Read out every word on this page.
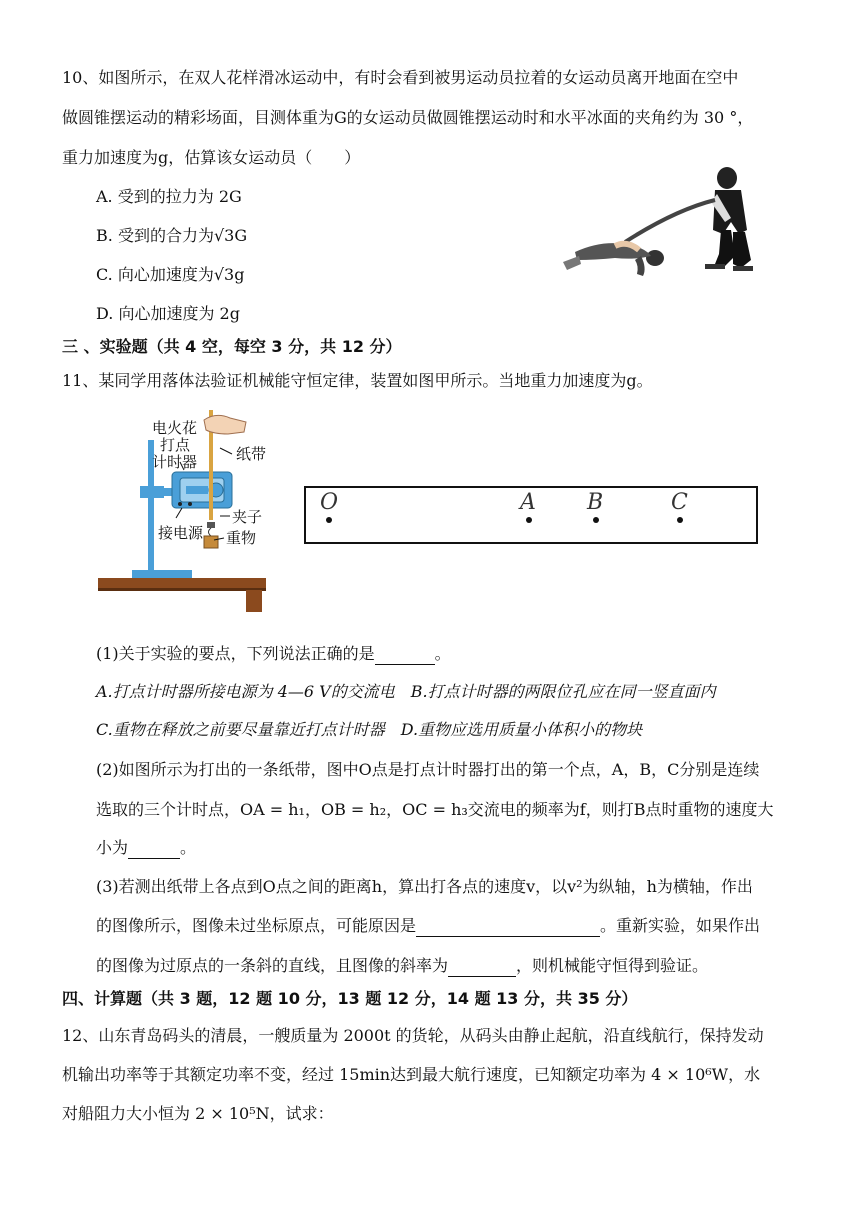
10、如图所示，在双人花样滑冰运动中，有时会看到被男运动员拉着的女运动员离开地面在空中
做圆锥摆运动的精彩场面，目测体重为G的女运动员做圆锥摆运动时和水平冰面的夹角约为 30 °，
重力加速度为g，估算该女运动员（　　）
A. 受到的拉力为 2G
B. 受到的合力为√3G
C. 向心加速度为√3g
D. 向心加速度为 2g
三 、实验题（共 4 空，每空 3 分，共 12 分）
11、某同学用落体法验证机械能守恒定律，装置如图甲所示。当地重力加速度为g。
电火花
打点
计时器	纸带
夹子
接电源 重物
O	A B	C
(1)关于实验的要点，下列说法正确的是	。
A.打点计时器所接电源为 4—6 V的交流电　B.打点计时器的两限位孔应在同一竖直面内
C.重物在释放之前要尽量靠近打点计时器　D.重物应选用质量小体积小的物块
(2)如图所示为打出的一条纸带，图中O点是打点计时器打出的第一个点，A，B，C分别是连续
选取的三个计时点，OA = h₁，OB = h₂，OC = h₃交流电的频率为f，则打B点时重物的速度大
小为	。
(3)若测出纸带上各点到O点之间的距离h，算出打各点的速度v，以v²为纵轴，h为横轴，作出
的图像所示，图像未过坐标原点，可能原因是	。重新实验，如果作出
的图像为过原点的一条斜的直线，且图像的斜率为	，则机械能守恒得到验证。
四、计算题（共 3 题，12 题 10 分，13 题 12 分，14 题 13 分，共 35 分）
12、山东青岛码头的清晨，一艘质量为 2000t 的货轮，从码头由静止起航，沿直线航行，保持发动
机输出功率等于其额定功率不变，经过 15min达到最大航行速度，已知额定功率为 4 × 10⁶W，水
对船阻力大小恒为 2 × 10⁵N，试求：
